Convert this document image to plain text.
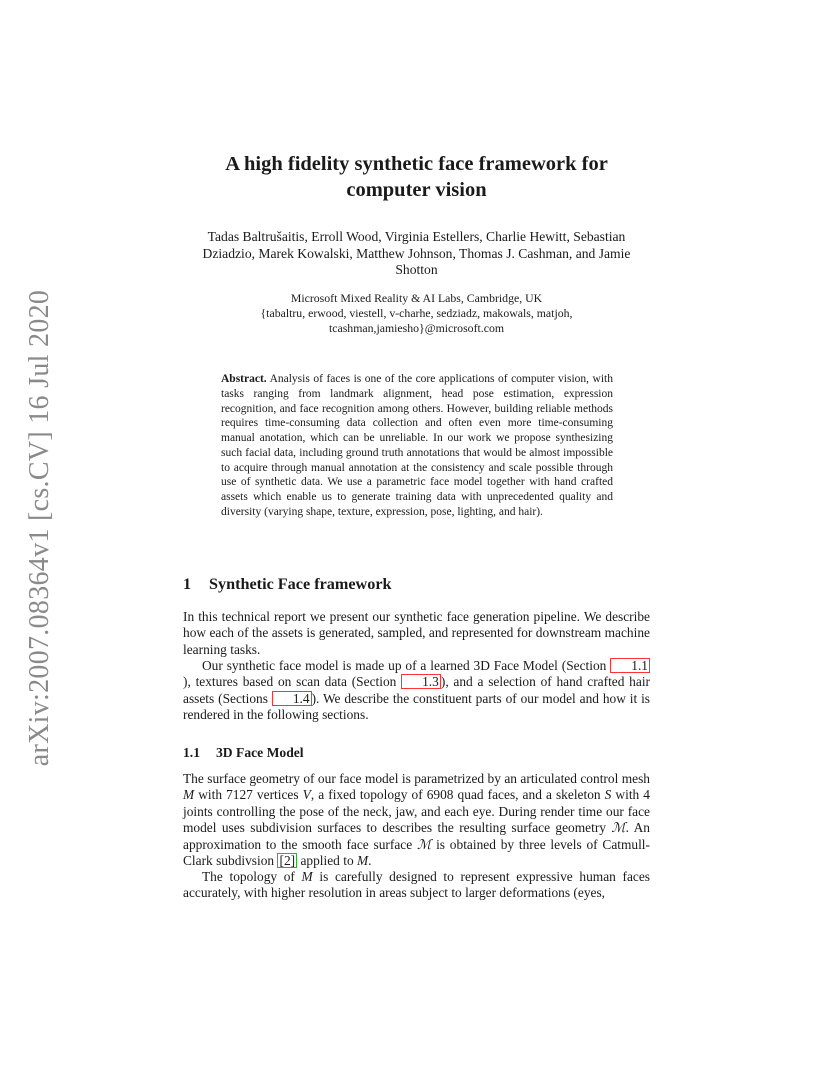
arXiv:2007.08364v1 [cs.CV] 16 Jul 2020
A high fidelity synthetic face framework for
computer vision
Tadas Baltrušaitis, Erroll Wood, Virginia Estellers, Charlie Hewitt, Sebastian
Dziadzio, Marek Kowalski, Matthew Johnson, Thomas J. Cashman, and Jamie
Shotton
Microsoft Mixed Reality & AI Labs, Cambridge, UK
{tabaltru, erwood, viestell, v-charhe, sedziadz, makowals, matjoh,
tcashman,jamiesho}@microsoft.com
Abstract. Analysis of faces is one of the core applications of computer vision, with tasks ranging from landmark alignment, head pose estimation, expression recognition, and face recognition among others. However, building reliable methods requires time-consuming data collection and often even more time-consuming manual anotation, which can be unreliable. In our work we propose synthesizing such facial data, including ground truth annotations that would be almost impossible to acquire through manual annotation at the consistency and scale possible through use of synthetic data. We use a parametric face model together with hand crafted assets which enable us to generate training data with unprecedented quality and diversity (varying shape, texture, expression, pose, lighting, and hair).
1 Synthetic Face framework

In this technical report we present our synthetic face generation pipeline. We describe how each of the assets is generated, sampled, and represented for downstream machine learning tasks.

Our synthetic face model is made up of a learned 3D Face Model (Section 1.1), textures based on scan data (Section 1.3 ), and a selection of hand crafted hair assets (Sections 1.4 ). We describe the constituent parts of our model and how it is rendered in the following sections.

1.1 3D Face Model

The surface geometry of our face model is parametrized by an articulated control mesh M with 7127 vertices V, a fixed topology of 6908 quad faces, and a skeleton S with 4 joints controlling the pose of the neck, jaw, and each eye. During render time our face model uses subdivision surfaces to describes the resulting surface geometry ℳ. An approximation to the smooth face surface ℳ is obtained by three levels of Catmull-Clark subdivsion [2] applied to M.

The topology of M is carefully designed to represent expressive human faces accurately, with higher resolution in areas subject to larger deformations (eyes,
